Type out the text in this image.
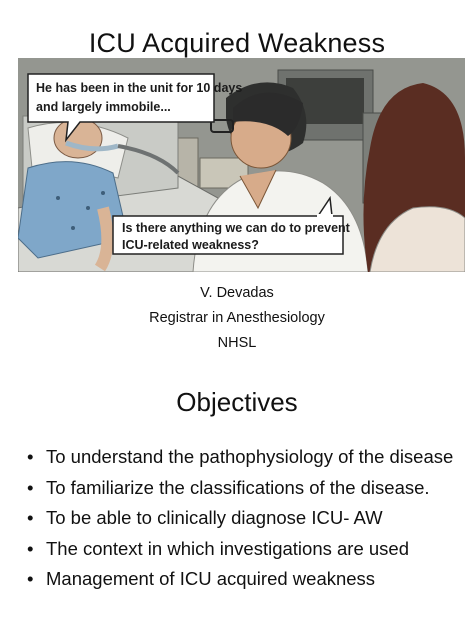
ICU Acquired Weakness
He has been in the unit for 10 days
and largely immobile...
Is there anything we can do to prevent
ICU-related weakness?
V. Devadas
Registrar in Anesthesiology
NHSL
Objectives
• To understand the pathophysiology of the disease
• To familiarize the classifications of the disease.
• To be able to clinically diagnose ICU- AW
• The context in which investigations are used
• Management of ICU acquired weakness
